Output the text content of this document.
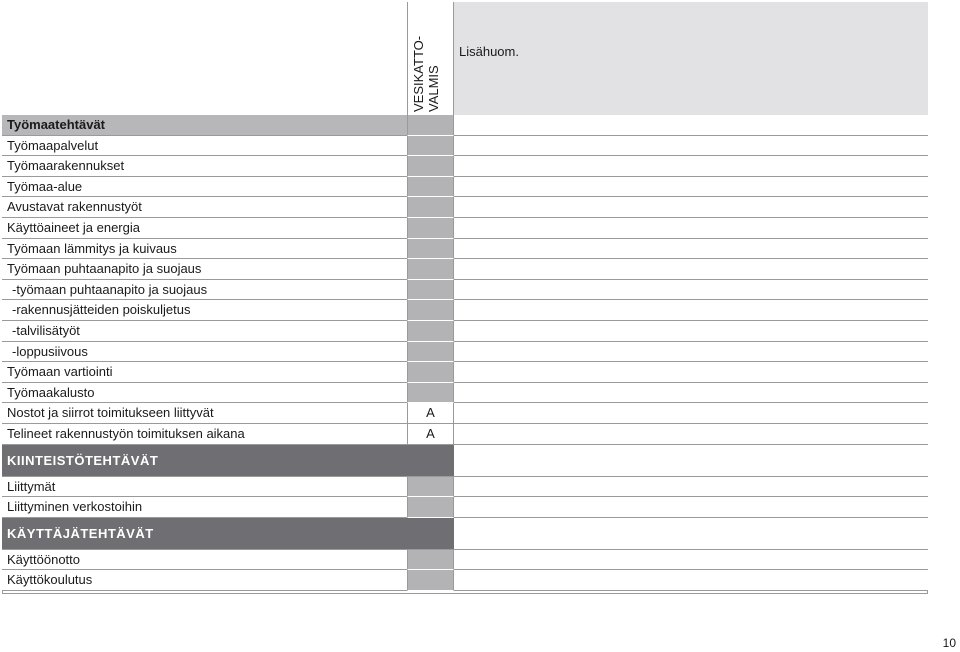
VESIKATTO-
VALMIS
Lisähuom.
Työmaatehtävät
Työmaapalvelut
Työmaarakennukset
Työmaa-alue
Avustavat rakennustyöt
Käyttöaineet ja energia
Työmaan lämmitys ja kuivaus
Työmaan puhtaanapito ja suojaus
-työmaan puhtaanapito ja suojaus
-rakennusjätteiden poiskuljetus
-talvilisätyöt
-loppusiivous
Työmaan vartiointi
Työmaakalusto
Nostot ja siirrot toimitukseen liittyvät	A
Telineet rakennustyön toimituksen aikana	A
KIINTEISTÖTEHTÄVÄT
Liittymät
Liittyminen verkostoihin
KÄYTTÄJÄTEHTÄVÄT
Käyttöönotto
Käyttökoulutus
10
